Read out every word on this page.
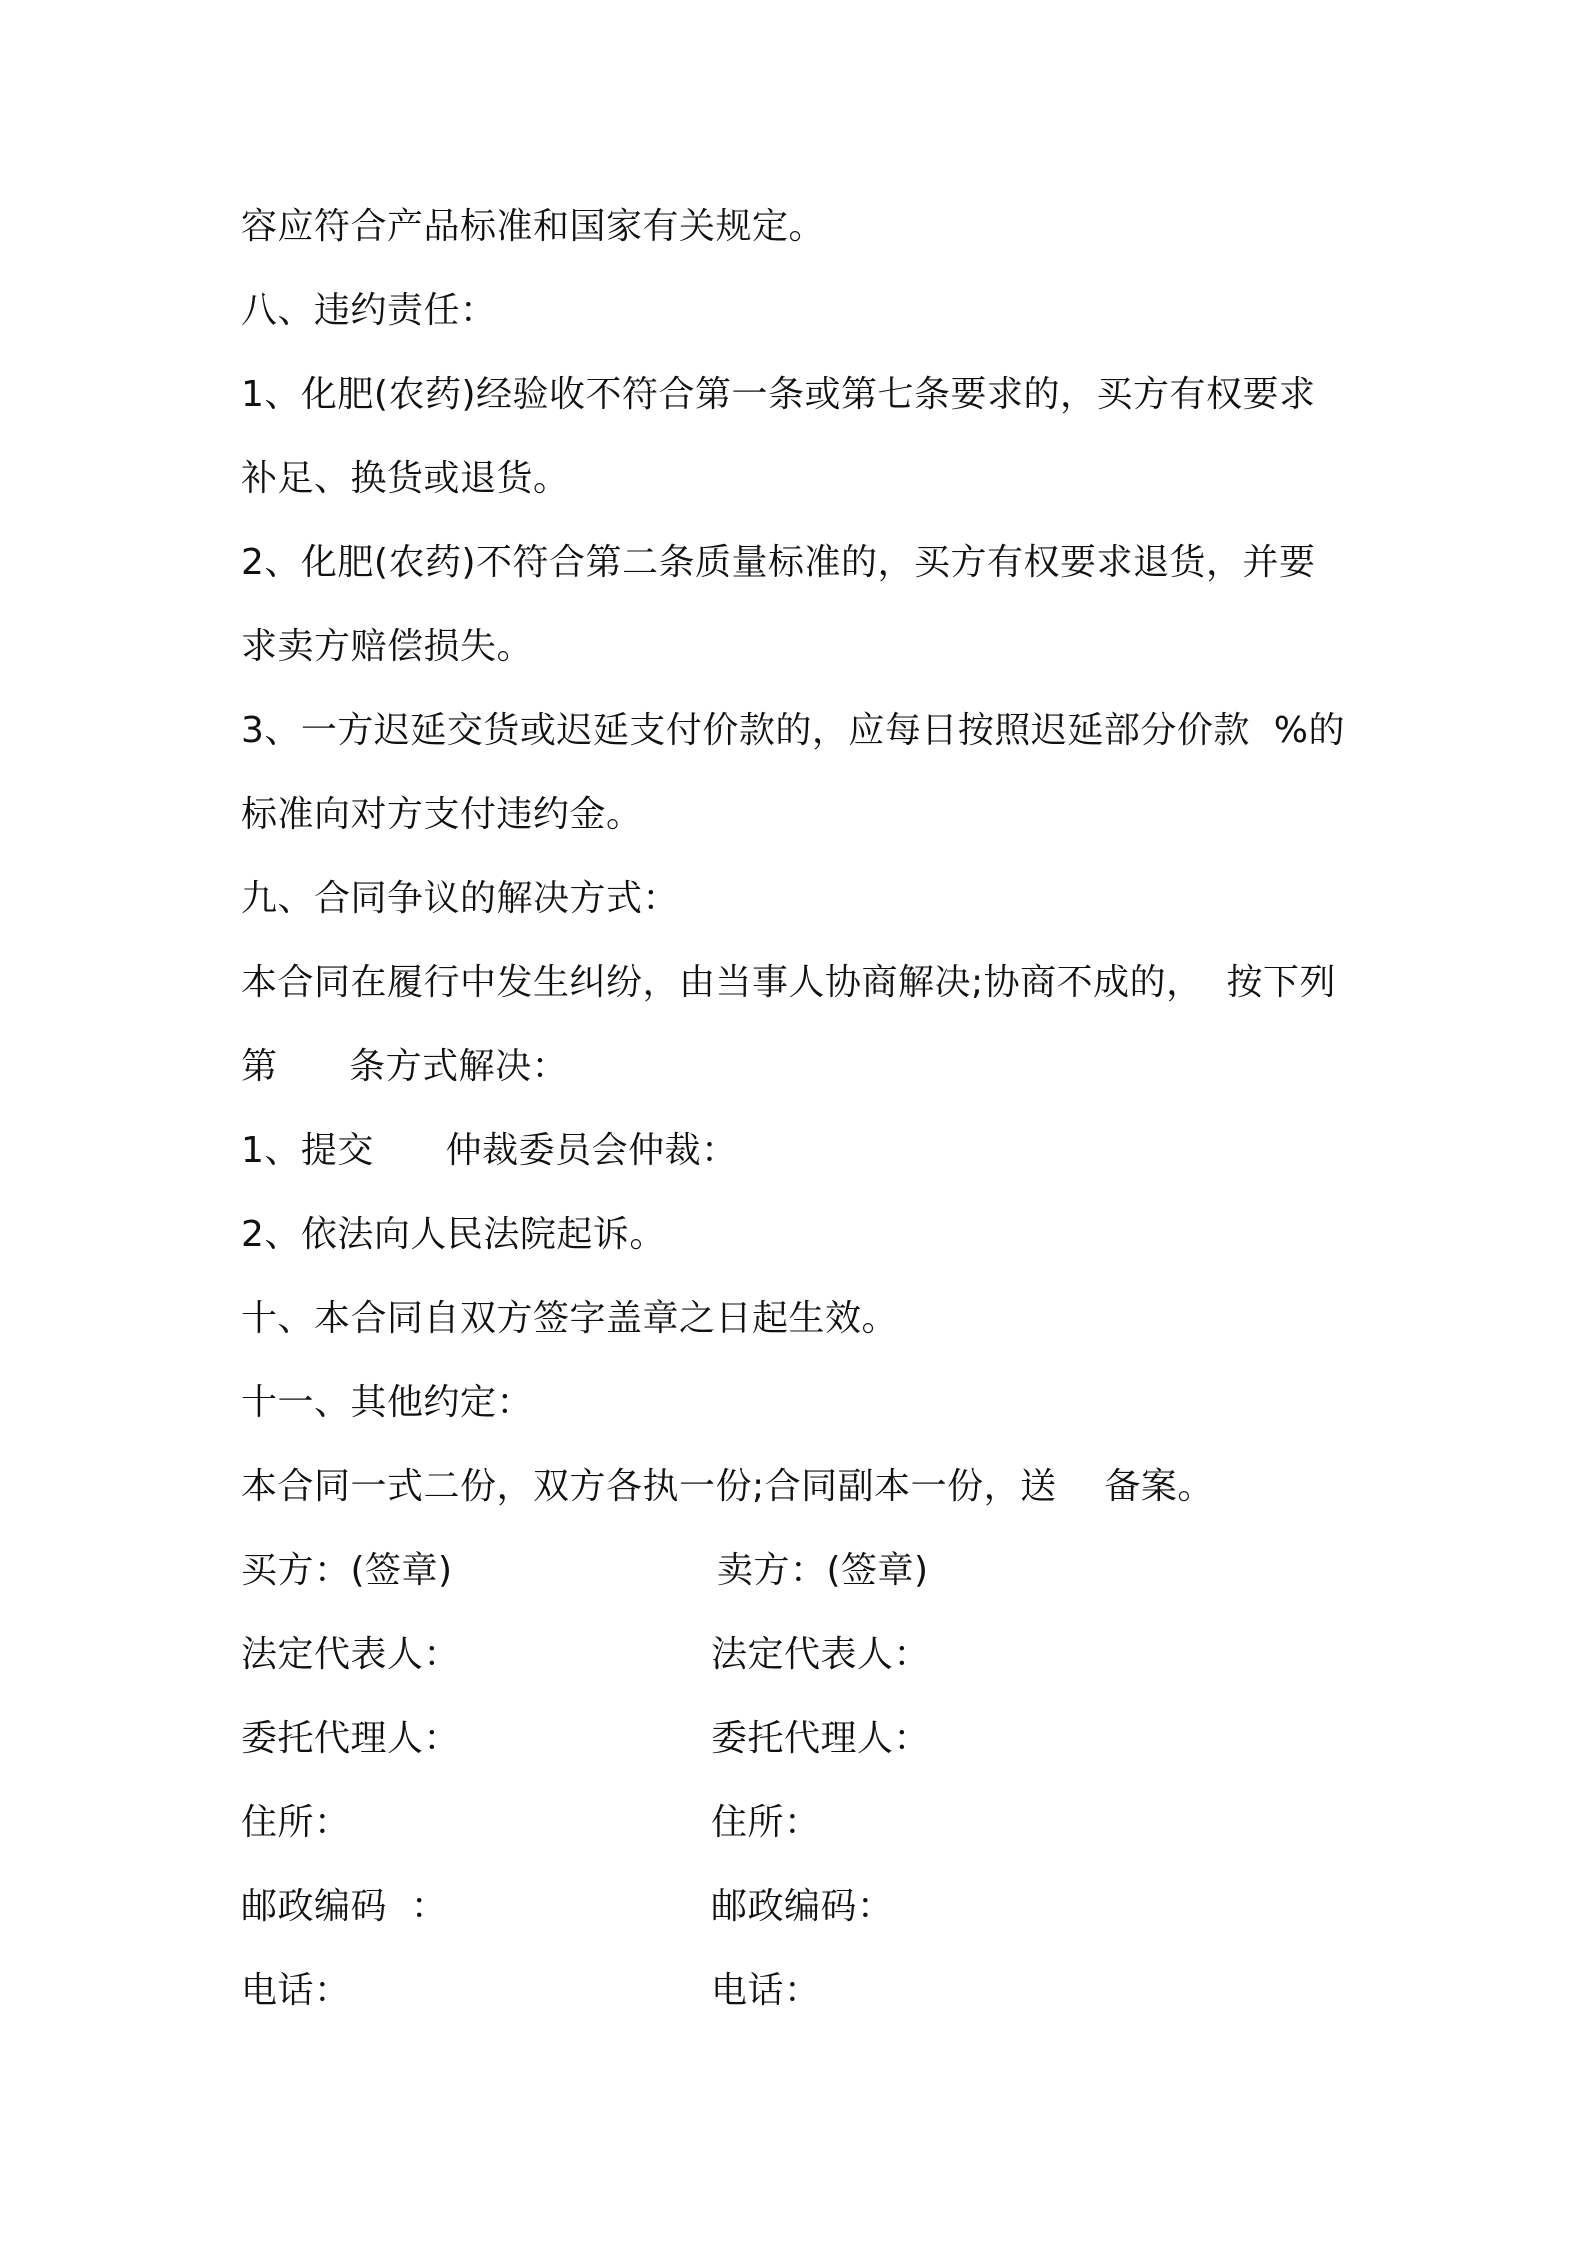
容应符合产品标准和国家有关规定。
八、违约责任：
1、化肥(农药)经验收不符合第一条或第七条要求的，买方有权要求
补足、换货或退货。
2、化肥(农药)不符合第二条质量标准的，买方有权要求退货，并要
求卖方赔偿损失。
3、一方迟延交货或迟延支付价款的，应每日按照迟延部分价款  %的
标准向对方支付违约金。
九、合同争议的解决方式：
本合同在履行中发生纠纷，由当事人协商解决;协商不成的，  按下列
第      条方式解决：
1、提交      仲裁委员会仲裁：
2、依法向人民法院起诉。
十、本合同自双方签字盖章之日起生效。
十一、其他约定：
本合同一式二份，双方各执一份;合同副本一份，送    备案。
买方：(签章)	卖方：(签章)
法定代表人：	法定代表人：
委托代理人：	委托代理人：
住所：	住所：
邮政编码  ：	邮政编码：
电话：	电话：
